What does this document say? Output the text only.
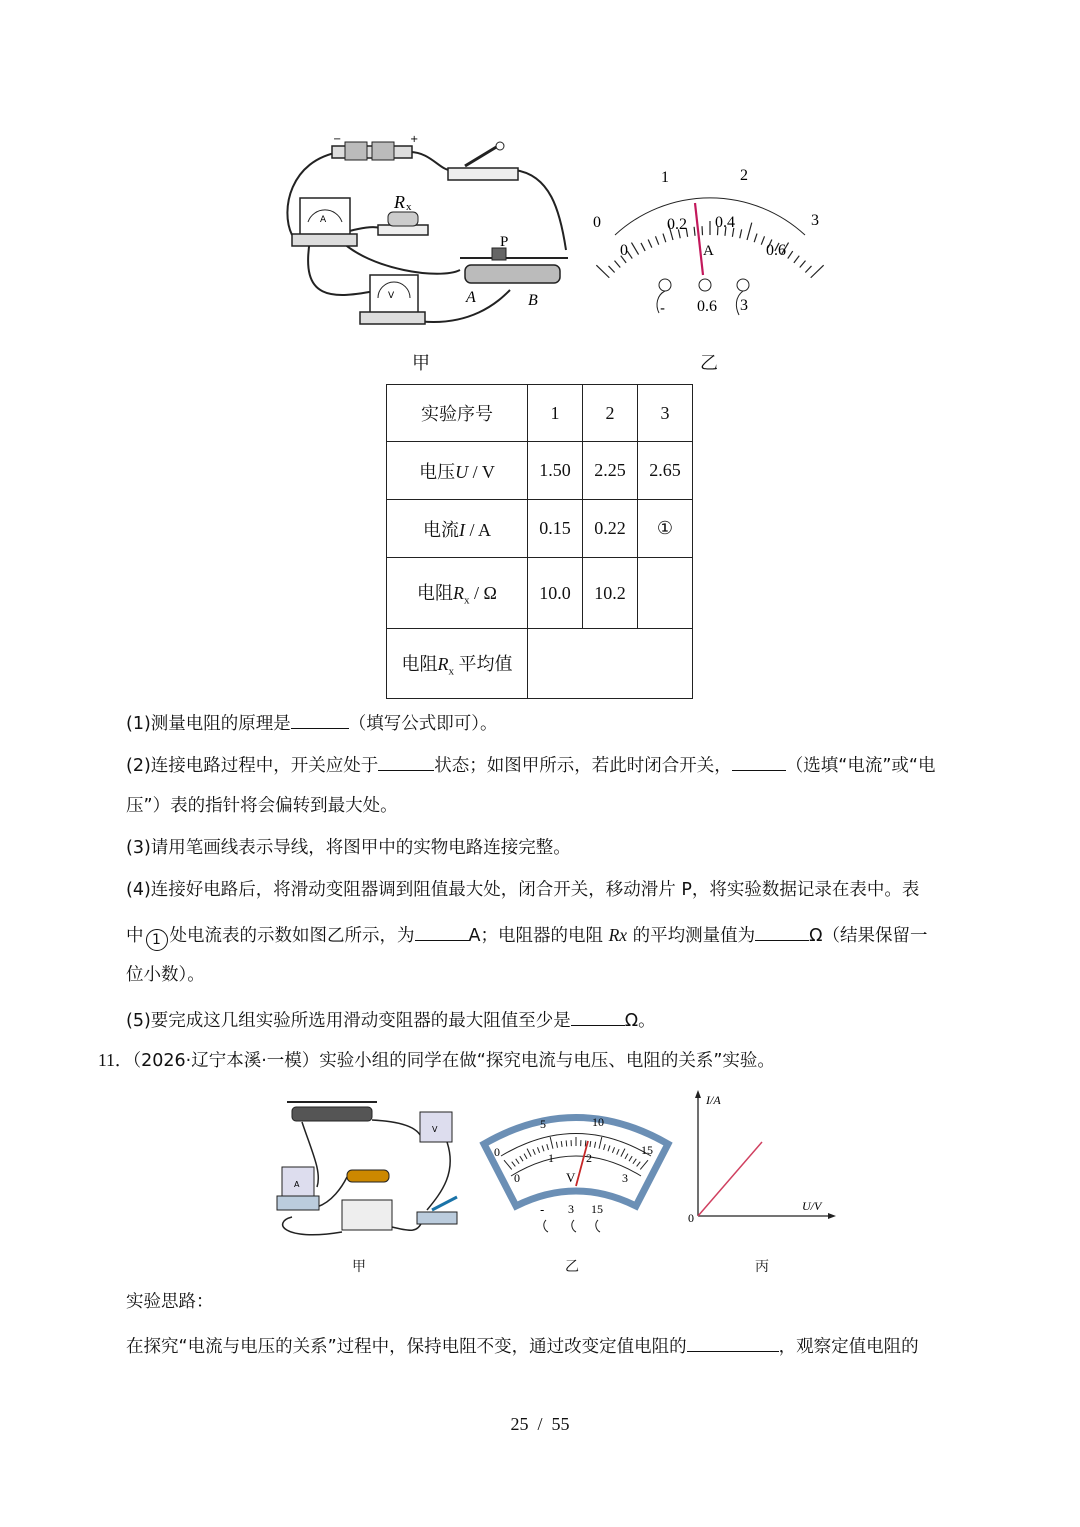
−	+
A
R x
V
P
A	B
甲
0
1	2
3
0
0.2 0.4
0.6
A
- 0.6 3
乙
实验序号	1	2	3
电压U / V	1.50	2.25	2.65
电流I / A	0.15	0.22	①
电阻$R_x$ / Ω	10.0	10.2	
电阻$R_x$ 平均值			
(1)测量电阻的原理是	（填写公式即可）。
(2)连接电路过程中，开关应处于	状态；如图甲所示，若此时闭合开关，	（选填“电流”或“电
压”）表的指针将会偏转到最大处。
(3)请用笔画线表示导线，将图甲中的实物电路连接完整。
(4)连接好电路后，将滑动变阻器调到阻值最大处，闭合开关，移动滑片 P，将实验数据记录在表中。表
中 1 处电流表的示数如图乙所示，为	A；电阻器的电阻 Rx 的平均测量值为	Ω（结果保留一
位小数）。
(5)要完成这几组实验所选用滑动变阻器的最大阻值至少是	Ω。
11．（2026·辽宁本溪·一模）实验小组的同学在做“探究电流与电压、电阻的关系”实验。
V
A
甲
0
5	10
15
0
1	2
3
V
- 3 15
乙
I/A
U/V
0
丙
实验思路：
在探究“电流与电压的关系”过程中，保持电阻不变，通过改变定值电阻的	，观察定值电阻的
25 / 55
